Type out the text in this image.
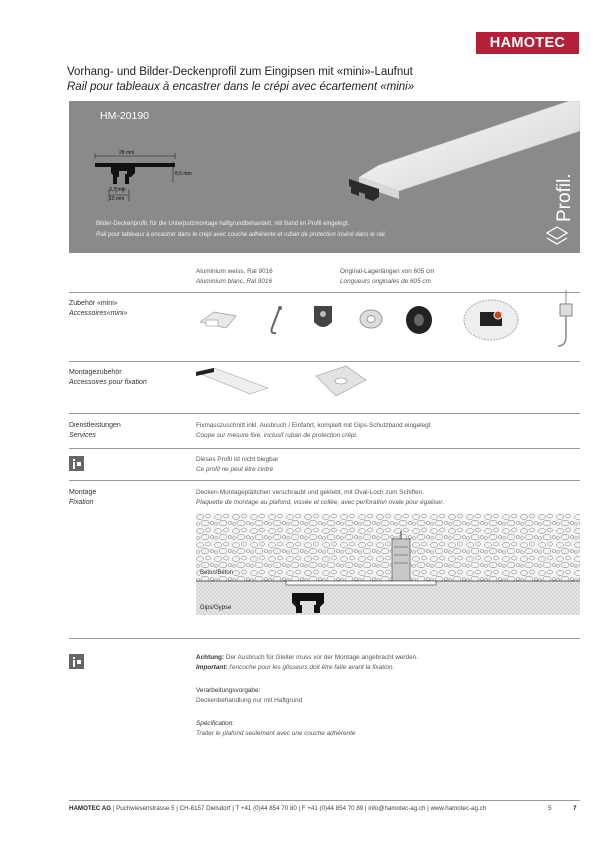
HAMOTEC
Vorhang- und Bilder-Deckenprofil zum Eingipsen mit «mini»-Laufnut
Rail pour tableaux à encastrer dans le crépi avec écartement «mini»
HM-20190
28 mm
8,5 mm
3,7 mm
10 mm
Bilder-Deckenprofil, für die Unterputzmontage haftgrundbehandelt, mit Band im Profil eingelegt.
Rail pour tableaux à encastrer dans le crépi avec couche adhérente et ruban de protection inséré dans le rail.
Profil.
Aluminium weiss, Ral 9016
Aluminium blanc, Ral 9016
Original-Lagerlängen von 605 cm
Longueurs originales de 605 cm
Zubehör «mini»
Accessoires«mini»
Montagezubehör
Accessoires pour fixation
Dienstleistungen
Services
Fixmasszuschnitt inkl. Ausbruch / Einfahrt, komplett mit Gips-Schutzband eingelegt
Coupe sur mesure fixe, inclusif ruban de protection crépi.
Dieses Profil ist nicht biegbar
Ce profil ne peut être cintré
Montage
Fixation
Decken-Montageplättchen verschraubt und geklebt, mit Oval-Loch zum Schiften.
Plaquette de montage au plafond, vissée et collée, avec perforation ovale pour égaliser.
Beton/Béton
Gips/Gypse
Achtung: Der Ausbruch für Gleiter muss vor der Montage angebracht werden.
Important: l'encoche pour les glisseurs doit être faite avant la fixation.
Verarbeitungsvorgabe:
Deckenbehandlung nur mit Haftgrund
Spécification:
Traiter le plafond seulement avec une couche adhérente
HAMOTEC AG | Puchwiesenstrasse 5 | CH-8157 Dielsdorf | T +41 (0)44 854 70 80 | F +41 (0)44 854 70 89 | info@hamotec-ag.ch | www.hamotec-ag.ch	5	7
